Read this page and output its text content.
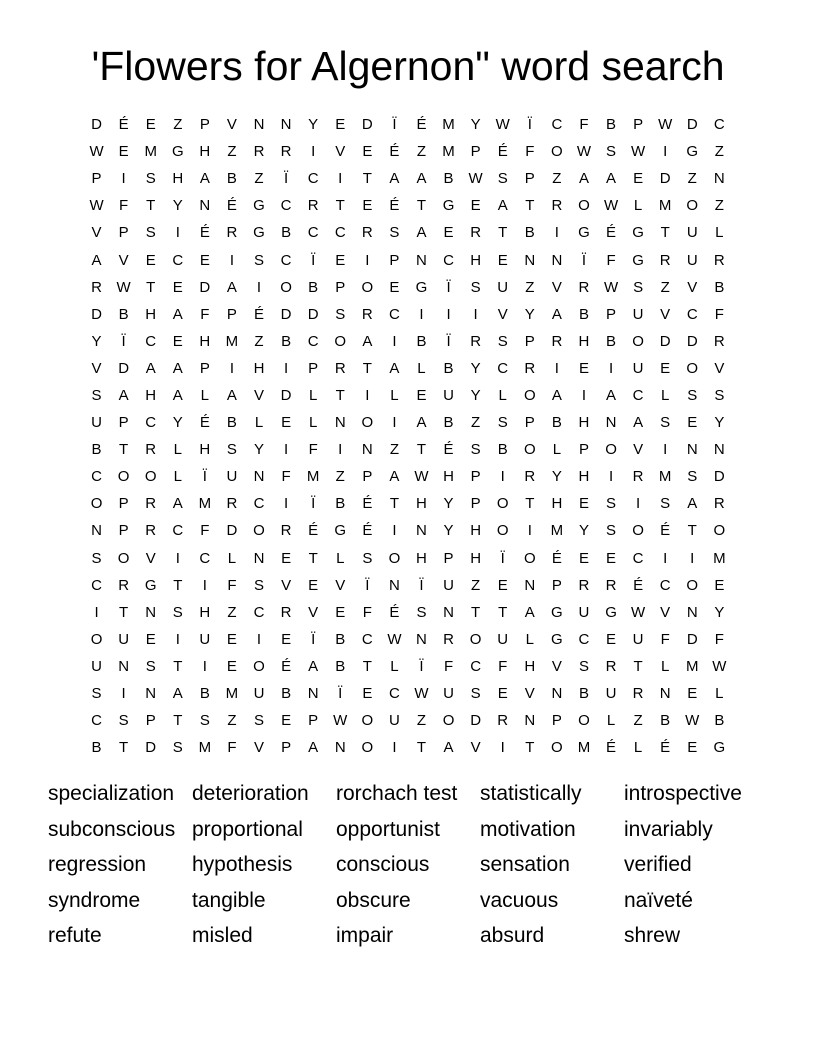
'Flowers for Algernon" word search
D	É	E	Z	P	V	N	N	Y	E	D	Ï	É	M	Y W	Ï	C	F	B	P W D	C
W E	M	G	H	Z	R	R	I	V	E	É	Z	M	P	É	F	O W S W	I	G	Z
P	I	S	H	A	B	Z	Ï	C	I	T	A	A	B W S	P	Z	A	A	E	D	Z	N
W	F	T	Y	N	É	G	C	R	T	E	É	T	G	E	A	T	R	O W	L	M	O	Z
V	P	S	I	É	R	G	B	C	C	R	S	A	E	R	T	B	I	G	É	G	T	U	L
A	V	E	C	E	I	S	C	Ï	E	I	P	N	C	H	E	N	N	Ï	F	G	R	U	R
R W	T	E	D	A	I	O	B	P	O	E	G	Ï	S	U	Z	V	R W S	Z	V	B
D	B	H	A	F	P	É	D	D	S	R	C	I	I	I	V	Y	A	B	P	U	V	C	F
Y	Ï	C	E	H	M	Z	B	C	O	A	I	B	Ï	R	S	P	R	H	B	O	D	D	R
V	D	A	A	P	I	H	I	P	R	T	A	L	B	Y	C	R	I	E	I	U	E	O	V
S	A	H	A	L	A	V	D	L	T	I	L	E	U	Y	L	O	A	I	A	C	L	S	S
U	P	C	Y	É	B	L	E	L	N	O	I	A	B	Z	S	P	B	H	N	A	S	E	Y
B	T	R	L	H	S	Y	I	F	I	N	Z	T	É	S	B	O	L	P	O	V	I	N	N
C	O	O	L	Ï	U	N	F	M	Z	P	A W H	P	I	R	Y	H	I	R	M	S	D
O	P	R	A	M	R	C	I	Ï	B	É	T	H	Y	P	O	T	H	E	S	I	S	A	R
N	P	R	C	F	D	O	R	É	G	É	I	N	Y	H	O	I	M	Y	S	O	É	T	O
S	O	V	I	C	L	N	E	T	L	S	O	H	P	H	Ï	O	É	E	E	C	I	I	M
C	R	G	T	I	F	S	V	E	V	Ï	N	Ï	U	Z	E	N	P	R	R	É	C	O	E
I	T	N	S	H	Z	C	R	V	E	F	É	S	N	T	T	A	G	U	G W V	N	Y
O	U	E	I	U	E	I	E	Ï	B	C W N	R	O	U	L	G	C	E	U	F	D	F
U	N	S	T	I	E	O	É	A	B	T	L	Ï	F	C	F	H	V	S	R	T	L	M W
S	I	N	A	B	M	U	B	N	Ï	E	C W U	S	E	V	N	B	U	R	N	E	L
C	S	P	T	S	Z	S	E	P W O	U	Z	O	D	R	N	P	O	L	Z	B W B
B	T	D	S	M	F	V	P	A	N	O	I	T	A	V	I	T	O M	É	L	É	E	G
specialization deterioration	rorchach test	statistically	introspective
subconscious proportional	opportunist	motivation	invariably
regression	hypothesis	conscious	sensation	verified
syndrome	tangible	obscure	vacuous	naïveté
refute	misled	impair	absurd	shrew
